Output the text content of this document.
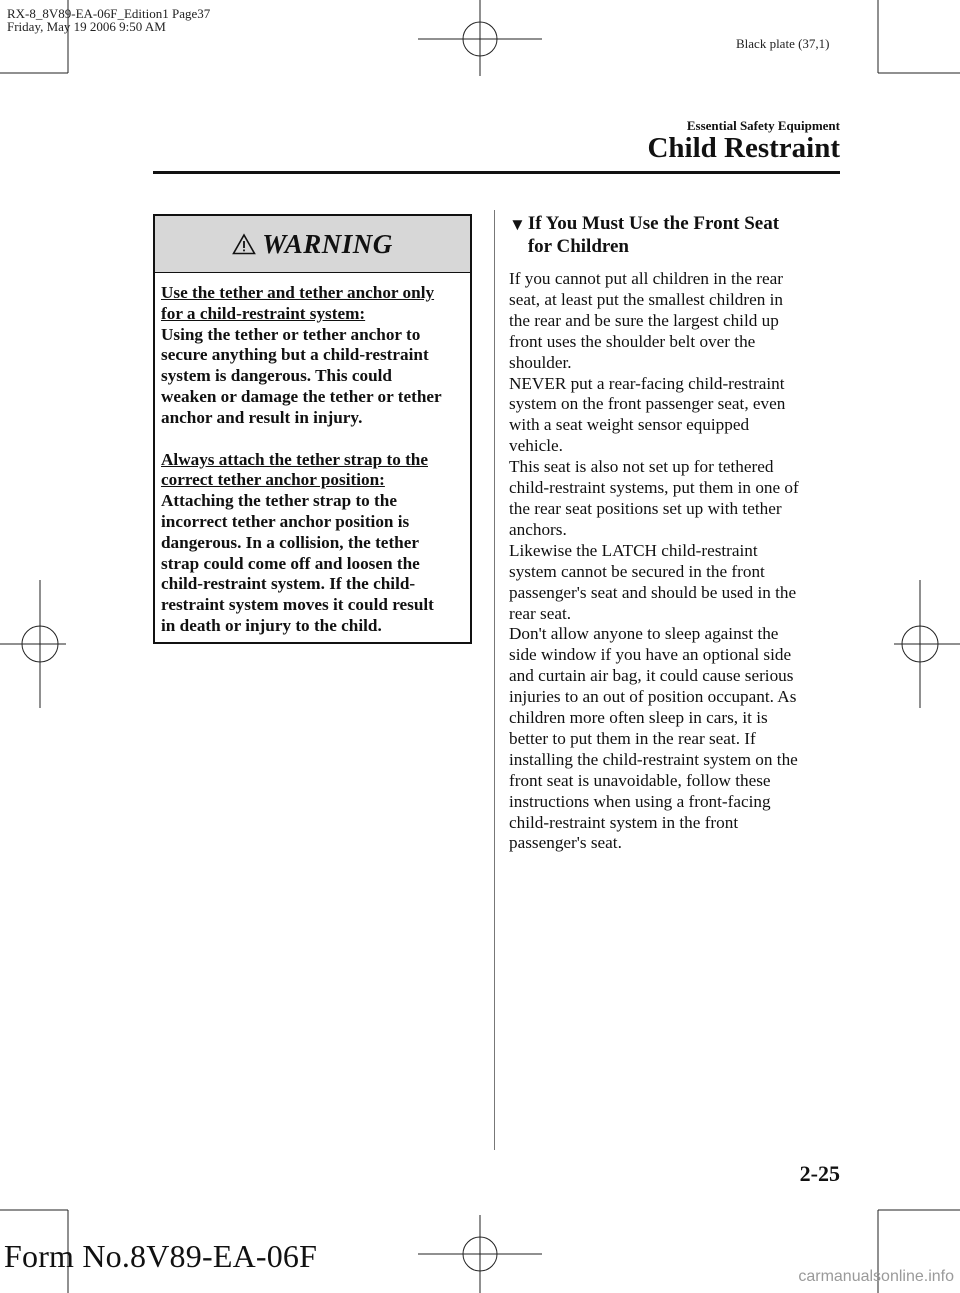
RX-8_8V89-EA-06F_Edition1 Page37
Friday, May 19 2006 9:50 AM
Black plate (37,1)
Essential Safety Equipment
Child Restraint
WARNING

Use the tether and tether anchor only

for a child-restraint system:

Using the tether or tether anchor to

secure anything but a child-restraint

system is dangerous. This could

weaken or damage the tether or tether

anchor and result in injury.

Always attach the tether strap to the

correct tether anchor position:

Attaching the tether strap to the

incorrect tether anchor position is

dangerous. In a collision, the tether

strap could come off and loosen the

child-restraint system. If the child-

restraint system moves it could result

in death or injury to the child.

▼ If You Must Use the Front Seat
for Children

If you cannot put all children in the rear

seat, at least put the smallest children in

the rear and be sure the largest child up

front uses the shoulder belt over the

shoulder.

NEVER put a rear-facing child-restraint

system on the front passenger seat, even

with a seat weight sensor equipped

vehicle.

This seat is also not set up for tethered

child-restraint systems, put them in one of

the rear seat positions set up with tether

anchors.

Likewise the LATCH child-restraint

system cannot be secured in the front

passenger's seat and should be used in the

rear seat.

Don't allow anyone to sleep against the

side window if you have an optional side

and curtain air bag, it could cause serious

injuries to an out of position occupant. As

children more often sleep in cars, it is

better to put them in the rear seat. If

installing the child-restraint system on the

front seat is unavoidable, follow these

instructions when using a front-facing

child-restraint system in the front

passenger's seat.

2-25
Form No.8V89-EA-06F
carmanualsonline.info
